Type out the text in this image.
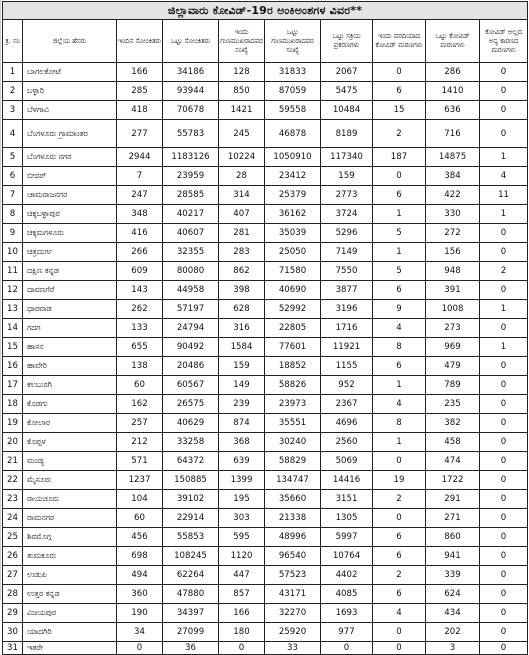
ಜಿಲ್ಲಾವಾರು ಕೋವಿಡ್-19ರ ಅಂಕಿಅಂಶಗಳ ವಿವರ**									
ಕ್ರ. ಸಂ	ಜಿಲ್ಲೆಯ ಹೆಸರು	ಇಂದಿನ ಸೋಂಕಿತರು	ಒಟ್ಟು ಸೋಂಕಿತರು	ಇಂದು ಗುಣಮುಖರಾದವರ ಸಂಖ್ಯೆ	ಒಟ್ಟು ಗುಣಮುಖರಾದವರ ಸಂಖ್ಯೆ	ಒಟ್ಟು ಸಕ್ರಿಯ ಪ್ರಕರಣಗಳು	ಇಂದು ವರದಿಯಾದ ಕೋವಿಡ್ ಮರಣಗಳು	ಒಟ್ಟು ಕೋವಿಡ್ ಮರಣಗಳು	ಕೋವಿಡ್ ಅಲ್ಲದ ಅನ್ಯ ಕಾರಣದ ಮರಣಗಳು
1	ಬಾಗಲಕೋಟೆ	166	34186	128	31833	2067	0	286	0
2	ಬಳ್ಳಾರಿ	285	93944	850	87059	5475	6	1410	0
3	ಬೆಳಗಾವಿ	418	70678	1421	59558	10484	15	636	0
4	ಬೆಂಗಳೂರು ಗ್ರಾಮಾಂತರ	277	55783	245	46878	8189	2	716	0
5	ಬೆಂಗಳೂರು ನಗರ	2944	1183126	10224	1050910	117340	187	14875	1
6	ಬೀದರ್	7	23959	28	23412	159	0	384	4
7	ಚಾಮರಾಜನಗರ	247	28585	314	25379	2773	6	422	11
8	ಚಿಕ್ಕಬಳ್ಳಾಪುರ	348	40217	407	36162	3724	1	330	1
9	ಚಿಕ್ಕಮಗಳೂರು	416	40607	281	35039	5296	5	272	0
10	ಚಿತ್ರದುರ್ಗ	266	32355	283	25050	7149	1	156	0
11	ದಕ್ಷಿಣ ಕನ್ನಡ	609	80080	862	71580	7550	5	948	2
12	ದಾವಣಗೆರೆ	143	44958	398	40690	3877	6	391	0
13	ಧಾರವಾಡ	262	57197	628	52992	3196	9	1008	1
14	ಗದಗ	133	24794	316	22805	1716	4	273	0
15	ಹಾಸನ	655	90492	1584	77601	11921	8	969	1
16	ಹಾವೇರಿ	138	20486	159	18852	1155	6	479	0
17	ಕಲಬುರಗಿ	60	60567	149	58826	952	1	789	0
18	ಕೊಡಗು	162	26575	239	23973	2367	4	235	0
19	ಕೋಲಾರ	257	40629	874	35551	4696	8	382	0
20	ಕೊಪ್ಪಳ	212	33258	368	30240	2560	1	458	0
21	ಮಂಡ್ಯ	571	64372	639	58829	5069	0	474	0
22	ಮೈಸೂರು	1237	150885	1399	134747	14416	19	1722	0
23	ರಾಯಚೂರು	104	39102	195	35660	3151	2	291	0
24	ರಾಮನಗರ	60	22914	303	21338	1305	0	271	0
25	ಶಿವಮೊಗ್ಗ	456	55853	595	48996	5997	6	860	0
26	ತುಮಕೂರು	698	108245	1120	96540	10764	6	941	0
27	ಉಡುಪಿ	494	62264	447	57523	4402	2	339	0
28	ಉತ್ತರ ಕನ್ನಡ	360	47880	857	43171	4085	6	624	0
29	ವಿಜಯಪುರ	190	34397	166	32270	1693	4	434	0
30	ಯಾದಗಿರಿ	34	27099	180	25920	977	0	202	0
31	ಇತರೇ	0	36	0	33	0	0	3	0
